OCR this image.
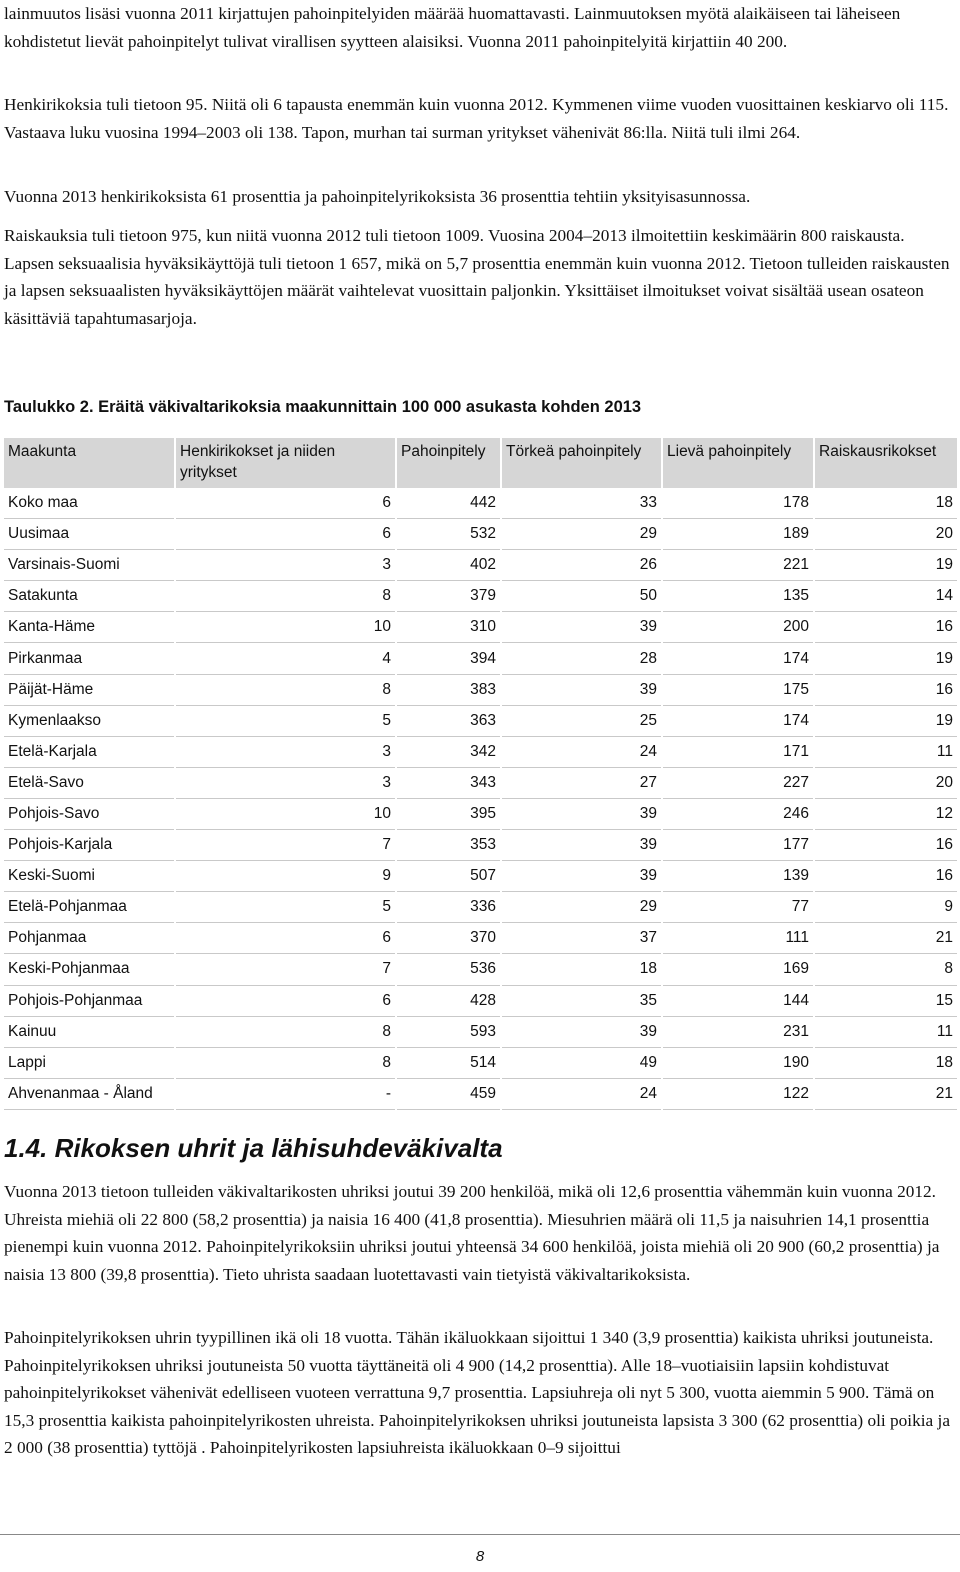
lainmuutos lisäsi vuonna 2011 kirjattujen pahoinpitelyiden määrää huomattavasti. Lainmuutoksen myötä alaikäiseen tai läheiseen kohdistetut lievät pahoinpitelyt tulivat virallisen syytteen alaisiksi. Vuonna 2011 pahoinpitelyitä kirjattiin 40 200.

Henkirikoksia tuli tietoon 95. Niitä oli 6 tapausta enemmän kuin vuonna 2012. Kymmenen viime vuoden vuosittainen keskiarvo oli 115. Vastaava luku vuosina 1994–2003 oli 138. Tapon, murhan tai surman yritykset vähenivät 86:lla. Niitä tuli ilmi 264.

Vuonna 2013 henkirikoksista 61 prosenttia ja pahoinpitelyrikoksista 36 prosenttia tehtiin yksityisasunnossa.

Raiskauksia tuli tietoon 975, kun niitä vuonna 2012 tuli tietoon 1009. Vuosina 2004–2013 ilmoitettiin keskimäärin 800 raiskausta. Lapsen seksuaalisia hyväksikäyttöjä tuli tietoon 1 657, mikä on 5,7 prosenttia enemmän kuin vuonna 2012. Tietoon tulleiden raiskausten ja lapsen seksuaalisten hyväksikäyttöjen määrät vaihtelevat vuosittain paljonkin. Yksittäiset ilmoitukset voivat sisältää usean osateon käsittäviä tapahtumasarjoja.

Taulukko 2. Eräitä väkivaltarikoksia maakunnittain 100 000 asukasta kohden 2013

Maakunta	Henkirikokset ja niiden yritykset	Pahoinpitely	Törkeä pahoinpitely	Lievä pahoinpitely	Raiskausrikokset
Koko maa	6	442	33	178	18
Uusimaa	6	532	29	189	20
Varsinais-Suomi	3	402	26	221	19
Satakunta	8	379	50	135	14
Kanta-Häme	10	310	39	200	16
Pirkanmaa	4	394	28	174	19
Päijät-Häme	8	383	39	175	16
Kymenlaakso	5	363	25	174	19
Etelä-Karjala	3	342	24	171	11
Etelä-Savo	3	343	27	227	20
Pohjois-Savo	10	395	39	246	12
Pohjois-Karjala	7	353	39	177	16
Keski-Suomi	9	507	39	139	16
Etelä-Pohjanmaa	5	336	29	77	9
Pohjanmaa	6	370	37	111	21
Keski-Pohjanmaa	7	536	18	169	8
Pohjois-Pohjanmaa	6	428	35	144	15
Kainuu	8	593	39	231	11
Lappi	8	514	49	190	18
Ahvenanmaa - Åland	-	459	24	122	21
1.4. Rikoksen uhrit ja lähisuhdeväkivalta

Vuonna 2013 tietoon tulleiden väkivaltarikosten uhriksi joutui 39 200 henkilöä, mikä oli 12,6 prosenttia vähemmän kuin vuonna 2012. Uhreista miehiä oli 22 800 (58,2 prosenttia) ja naisia 16 400 (41,8 prosenttia). Miesuhrien määrä oli 11,5 ja naisuhrien 14,1 prosenttia pienempi kuin vuonna 2012. Pahoinpitelyrikoksiin uhriksi joutui yhteensä 34 600 henkilöä, joista miehiä oli 20 900 (60,2 prosenttia) ja naisia 13 800 (39,8 prosenttia). Tieto uhrista saadaan luotettavasti vain tietyistä väkivaltarikoksista.

Pahoinpitelyrikoksen uhrin tyypillinen ikä oli 18 vuotta. Tähän ikäluokkaan sijoittui 1 340 (3,9 prosenttia) kaikista uhriksi joutuneista. Pahoinpitelyrikoksen uhriksi joutuneista 50 vuotta täyttäneitä oli 4 900 (14,2 prosenttia). Alle 18–vuotiaisiin lapsiin kohdistuvat pahoinpitelyrikokset vähenivät edelliseen vuoteen verrattuna 9,7 prosenttia. Lapsiuhreja oli nyt 5 300, vuotta aiemmin 5 900. Tämä on 15,3 prosenttia kaikista pahoinpitelyrikosten uhreista. Pahoinpitelyrikoksen uhriksi joutuneista lapsista 3 300 (62 prosenttia) oli poikia ja 2 000 (38 prosenttia) tyttöjä . Pahoinpitelyrikosten lapsiuhreista ikäluokkaan 0–9 sijoittui

8
